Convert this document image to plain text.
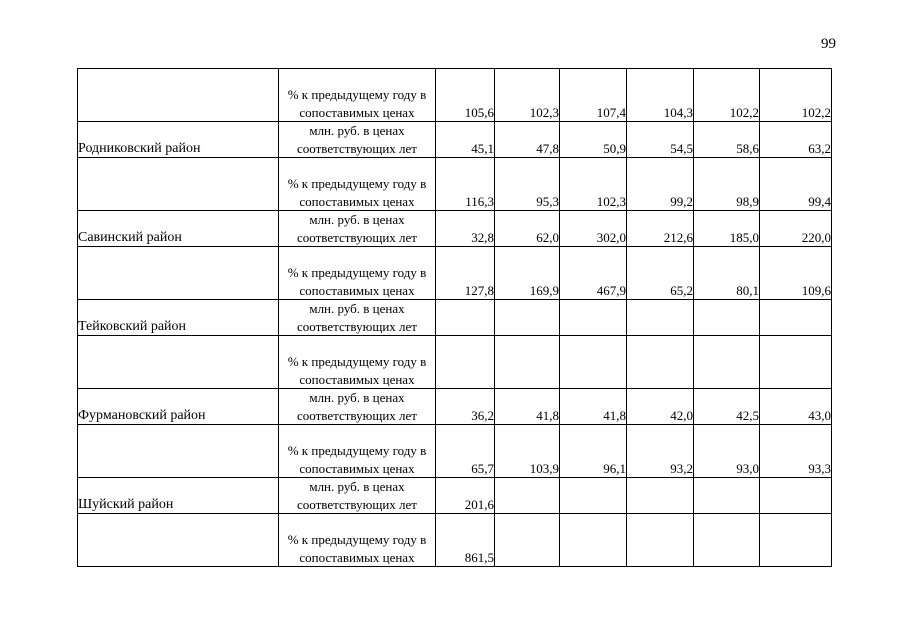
99
	% к предыдущему году в сопоставимых ценах	105,6	102,3	107,4	104,3	102,2	102,2
Родниковский район	млн. руб. в ценах соответствующих лет	45,1	47,8	50,9	54,5	58,6	63,2
	% к предыдущему году в сопоставимых ценах	116,3	95,3	102,3	99,2	98,9	99,4
Савинский район	млн. руб. в ценах соответствующих лет	32,8	62,0	302,0	212,6	185,0	220,0
	% к предыдущему году в сопоставимых ценах	127,8	169,9	467,9	65,2	80,1	109,6
Тейковский район	млн. руб. в ценах соответствующих лет						
	% к предыдущему году в сопоставимых ценах						
Фурмановский район	млн. руб. в ценах соответствующих лет	36,2	41,8	41,8	42,0	42,5	43,0
	% к предыдущему году в сопоставимых ценах	65,7	103,9	96,1	93,2	93,0	93,3
Шуйский район	млн. руб. в ценах соответствующих лет	201,6					
	% к предыдущему году в сопоставимых ценах	861,5					
